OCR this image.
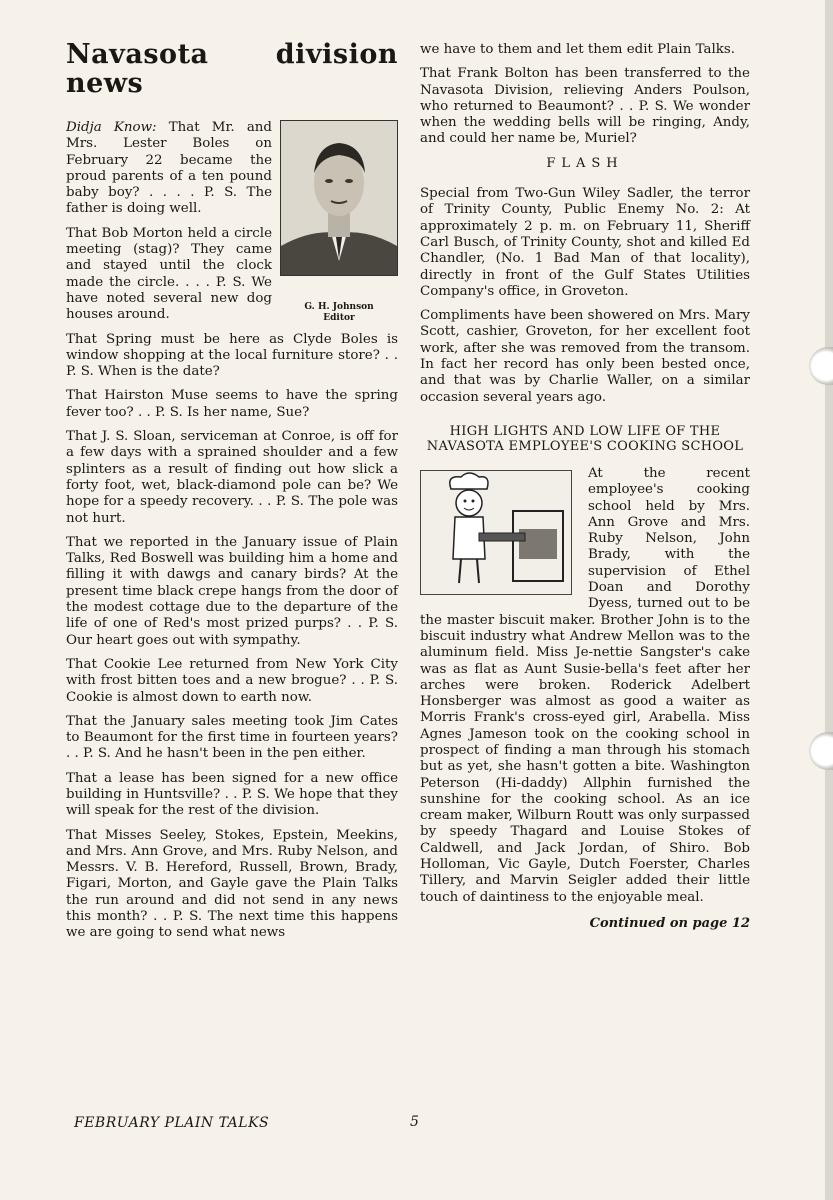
Navasota division news
G. H. Johnson
Editor

Didja Know: That Mr. and Mrs. Lester Boles on February 22 became the proud parents of a ten pound baby boy? . . . . P. S. The father is doing well.

That Bob Morton held a circle meeting (stag)? They came and stayed until the clock made the circle. . . . P. S. We have noted several new dog houses around.

That Spring must be here as Clyde Boles is window shopping at the local furniture store? . . P. S. When is the date?

That Hairston Muse seems to have the spring fever too? . . P. S. Is her name, Sue?

That J. S. Sloan, serviceman at Conroe, is off for a few days with a sprained shoulder and a few splinters as a result of finding out how slick a forty foot, wet, black-diamond pole can be? We hope for a speedy recovery. . . P. S. The pole was not hurt.

That we reported in the January issue of Plain Talks, Red Boswell was building him a home and filling it with dawgs and canary birds? At the present time black crepe hangs from the door of the modest cottage due to the departure of the life of one of Red's most prized purps? . . P. S. Our heart goes out with sympathy.

That Cookie Lee returned from New York City with frost bitten toes and a new brogue? . . P. S. Cookie is almost down to earth now.

That the January sales meeting took Jim Cates to Beaumont for the first time in fourteen years? . . P. S. And he hasn't been in the pen either.

That a lease has been signed for a new office building in Huntsville? . . P. S. We hope that they will speak for the rest of the division.

That Misses Seeley, Stokes, Epstein, Meekins, and Mrs. Ann Grove, and Mrs. Ruby Nelson, and Messrs. V. B. Hereford, Russell, Brown, Brady, Figari, Morton, and Gayle gave the Plain Talks the run around and did not send in any news this month? . . P. S. The next time this happens we are going to send what news

we have to them and let them edit Plain Talks.

That Frank Bolton has been transferred to the Navasota Division, relieving Anders Poulson, who returned to Beaumont? . . P. S. We wonder when the wedding bells will be ringing, Andy, and could her name be, Muriel?

FLASH

Special from Two-Gun Wiley Sadler, the terror of Trinity County, Public Enemy No. 2: At approximately 2 p. m. on February 11, Sheriff Carl Busch, of Trinity County, shot and killed Ed Chandler, (No. 1 Bad Man of that locality), directly in front of the Gulf States Utilities Company's office, in Groveton.

Compliments have been showered on Mrs. Mary Scott, cashier, Groveton, for her excellent foot work, after she was removed from the transom. In fact her record has only been bested once, and that was by Charlie Waller, on a similar occasion several years ago.

HIGH LIGHTS AND LOW LIFE OF THE NAVASOTA EMPLOYEE'S COOKING SCHOOL

At the recent employee's cooking school held by Mrs. Ann Grove and Mrs. Ruby Nelson, John Brady, with the supervision of Ethel Doan and Dorothy Dyess, turned out to be the master biscuit maker. Brother John is to the biscuit industry what Andrew Mellon was to the aluminum field. Miss Je-nettie Sangster's cake was as flat as Aunt Susie-bella's feet after her arches were broken. Roderick Adelbert Honsberger was almost as good a waiter as Morris Frank's cross-eyed girl, Arabella. Miss Agnes Jameson took on the cooking school in prospect of finding a man through his stomach but as yet, she hasn't gotten a bite. Washington Peterson (Hi-daddy) Allphin furnished the sunshine for the cooking school. As an ice cream maker, Wilburn Routt was only surpassed by speedy Thagard and Louise Stokes of Caldwell, and Jack Jordan, of Shiro. Bob Holloman, Vic Gayle, Dutch Foerster, Charles Tillery, and Marvin Seigler added their little touch of daintiness to the enjoyable meal.

Continued on page 12
FEBRUARY PLAIN TALKS	5
